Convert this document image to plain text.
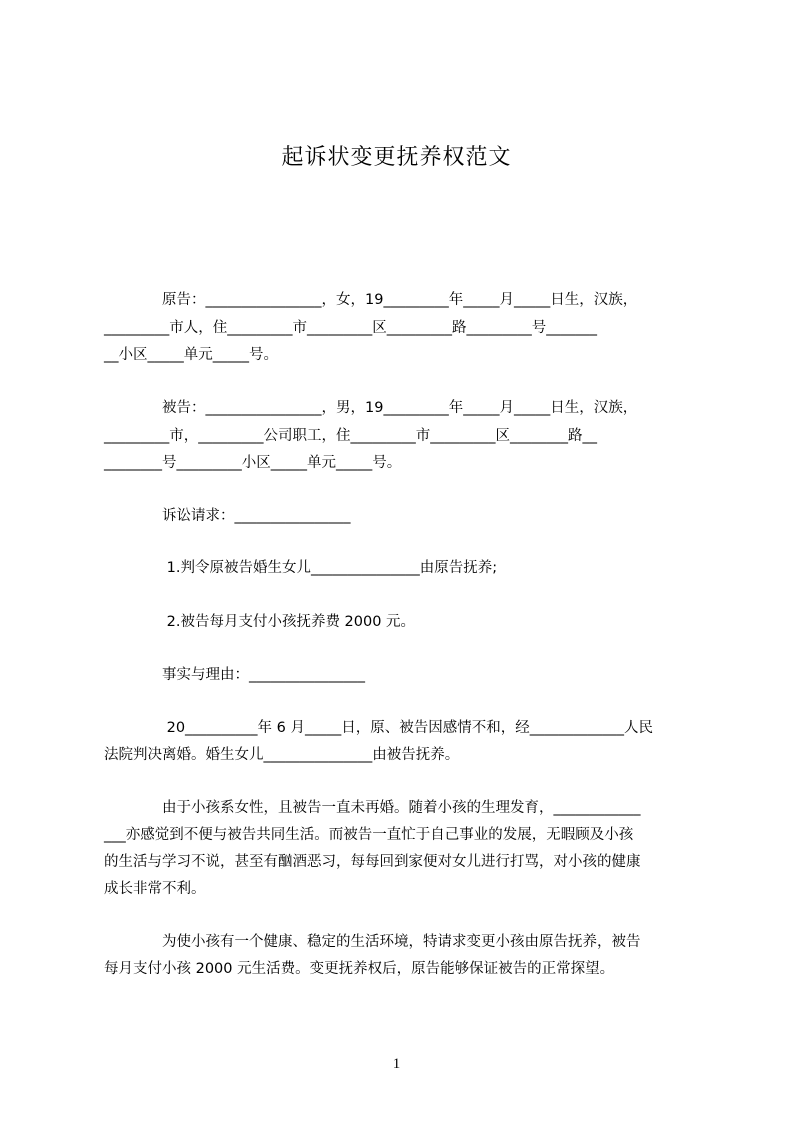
起诉状变更抚养权范文
　　　　原告：________________，女，19_________年_____月_____日生，汉族，
_________市人，住_________市_________区_________路_________号_______
__小区_____单元_____号。
　　　　被告：________________，男，19_________年_____月_____日生，汉族，
_________市，_________公司职工，住_________市_________区________路__
________号_________小区_____单元_____号。
　　　　诉讼请求：________________
　　　　 1.判令原被告婚生女儿_______________由原告抚养;
　　　　 2.被告每月支付小孩抚养费 2000 元。
　　　　事实与理由：________________
　　　　 20__________年 6 月_____日，原、被告因感情不和，经_____________人民
法院判决离婚。婚生女儿_______________由被告抚养。
　　　　由于小孩系女性，且被告一直未再婚。随着小孩的生理发育，____________
___亦感觉到不便与被告共同生活。而被告一直忙于自己事业的发展，无暇顾及小孩
的生活与学习不说，甚至有酗酒恶习，每每回到家便对女儿进行打骂，对小孩的健康
成长非常不利。
　　　　为使小孩有一个健康、稳定的生活环境，特请求变更小孩由原告抚养，被告
每月支付小孩 2000 元生活费。变更抚养权后，原告能够保证被告的正常探望。
1
